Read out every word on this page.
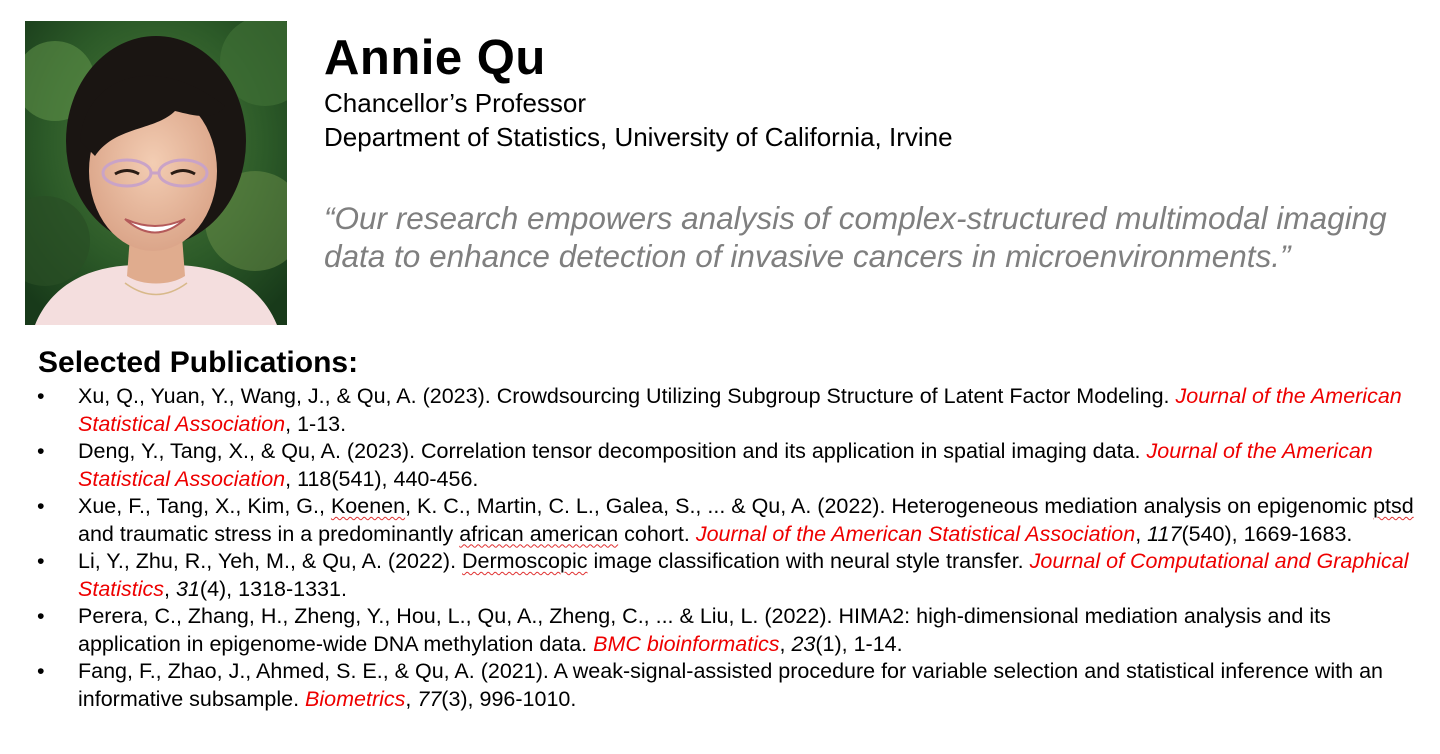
Annie Qu
Chancellor’s Professor
Department of Statistics, University of California, Irvine
“Our research empowers analysis of complex-structured multimodal imaging
data to enhance detection of invasive cancers in microenvironments.”
Selected Publications:
• Xu, Q., Yuan, Y., Wang, J., & Qu, A. (2023). Crowdsourcing Utilizing Subgroup Structure of Latent Factor Modeling. Journal of the American Statistical Association, 1-13.
• Deng, Y., Tang, X., & Qu, A. (2023). Correlation tensor decomposition and its application in spatial imaging data. Journal of the American Statistical Association, 118(541), 440-456.
• Xue, F., Tang, X., Kim, G., Koenen, K. C., Martin, C. L., Galea, S., ... & Qu, A. (2022). Heterogeneous mediation analysis on epigenomic ptsd and traumatic stress in a predominantly african american cohort. Journal of the American Statistical Association, 117(540), 1669-1683.
• Li, Y., Zhu, R., Yeh, M., & Qu, A. (2022). Dermoscopic image classification with neural style transfer. Journal of Computational and Graphical Statistics, 31(4), 1318-1331.
• Perera, C., Zhang, H., Zheng, Y., Hou, L., Qu, A., Zheng, C., ... & Liu, L. (2022). HIMA2: high-dimensional mediation analysis and its application in epigenome-wide DNA methylation data. BMC bioinformatics, 23(1), 1-14.
• Fang, F., Zhao, J., Ahmed, S. E., & Qu, A. (2021). A weak-signal-assisted procedure for variable selection and statistical inference with an informative subsample. Biometrics, 77(3), 996-1010.
